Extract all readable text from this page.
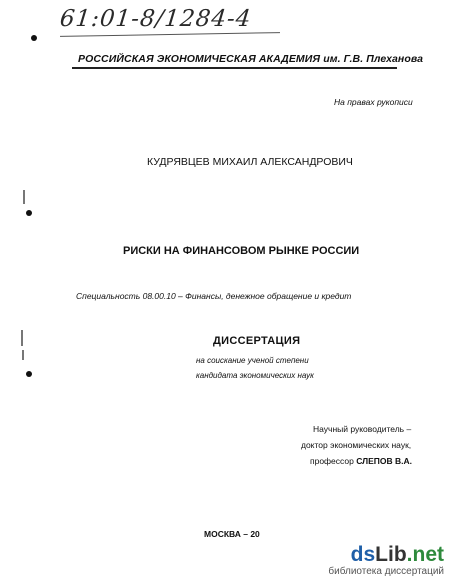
61:01-8/1284-4
РОССИЙСКАЯ ЭКОНОМИЧЕСКАЯ АКАДЕМИЯ им. Г.В. Плеханова
На правах рукописи
КУДРЯВЦЕВ МИХАИЛ АЛЕКСАНДРОВИЧ
РИСКИ НА ФИНАНСОВОМ РЫНКЕ РОССИИ
Специальность 08.00.10 – Финансы, денежное обращение и кредит
ДИССЕРТАЦИЯ
на соискание ученой степени
кандидата экономических наук
Научный руководитель –
доктор экономических наук,
профессор СЛЕПОВ В.А.
МОСКВА – 20
dsLib.net
библиотека диссертаций
